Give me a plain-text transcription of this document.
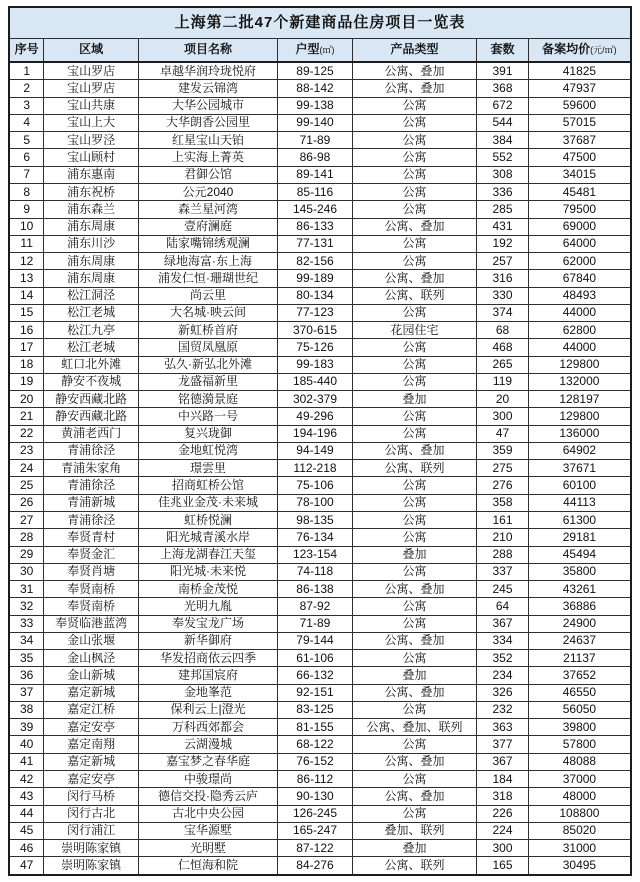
上海第二批47个新建商品住房项目一览表						
序号	区域	项目名称	户型(㎡)	产品类型	套数	备案均价(元/㎡)
1	宝山罗店	卓越华润玲珑悦府	89-125	公寓、叠加	391	41825
2	宝山罗店	建发云锦湾	88-142	公寓、叠加	368	47937
3	宝山共康	大华公园城市	99-138	公寓	672	59600
4	宝山上大	大华朗香公园里	99-140	公寓	544	57015
5	宝山罗泾	红星宝山天铂	71-89	公寓	384	37687
6	宝山顾村	上实海上菁英	86-98	公寓	552	47500
7	浦东惠南	君御公馆	89-141	公寓	308	34015
8	浦东祝桥	公元2040	85-116	公寓	336	45481
9	浦东森兰	森兰星河湾	145-246	公寓	285	79500
10	浦东周康	壹府澜庭	86-133	公寓、叠加	431	69000
11	浦东川沙	陆家嘴锦绣观澜	77-131	公寓	192	64000
12	浦东周康	绿地海富·东上海	82-156	公寓	257	62000
13	浦东周康	浦发仁恒·珊瑚世纪	99-189	公寓、叠加	316	67840
14	松江洞泾	尚云里	80-134	公寓、联列	330	48493
15	松江老城	大名城·映云间	77-123	公寓	374	44000
16	松江九亭	新虹桥首府	370-615	花园住宅	68	62800
17	松江老城	国贸凤凰原	75-126	公寓	468	44000
18	虹口北外滩	弘久·新弘北外滩	99-183	公寓	265	129800
19	静安不夜城	龙盛福新里	185-440	公寓	119	132000
20	静安西藏北路	铭德漪景庭	302-379	叠加	20	128197
21	静安西藏北路	中兴路一号	49-296	公寓	300	129800
22	黄浦老西门	复兴珑御	194-196	公寓	47	136000
23	青浦徐泾	金地虹悦湾	94-149	公寓、叠加	359	64902
24	青浦朱家角	璟雲里	112-218	公寓、联列	275	37671
25	青浦徐泾	招商虹桥公馆	75-106	公寓	276	60100
26	青浦新城	佳兆业金茂·未来城	78-100	公寓	358	44113
27	青浦徐泾	虹桥悦澜	98-135	公寓	161	61300
28	奉贤青村	阳光城青溪水岸	76-134	公寓	210	29181
29	奉贤金汇	上海龙湖春江天玺	123-154	叠加	288	45494
30	奉贤肖塘	阳光城·未来悦	74-118	公寓	337	35800
31	奉贤南桥	南桥金茂悦	86-138	公寓、叠加	245	43261
32	奉贤南桥	光明九胤	87-92	公寓	64	36886
33	奉贤临港蓝湾	奉发宝龙广场	71-89	公寓	367	24900
34	金山张堰	新华御府	79-144	公寓、叠加	334	24637
35	金山枫泾	华发招商依云四季	61-106	公寓	352	21137
36	金山新城	建邦国宸府	66-132	叠加	234	37652
37	嘉定新城	金地峯范	92-151	公寓、叠加	326	46550
38	嘉定江桥	保利云上|澄光	83-125	公寓	232	56050
39	嘉定安亭	万科西郊都会	81-155	公寓、叠加、联列	363	39800
40	嘉定南翔	云湖漫城	68-122	公寓	377	57800
41	嘉定新城	嘉宝梦之春华庭	76-152	公寓、叠加	367	48088
42	嘉定安亭	中骏璟尚	86-112	公寓	184	37000
43	闵行马桥	德信交投·隐秀云庐	90-130	公寓、叠加	318	48000
44	闵行古北	古北中央公园	126-245	公寓	226	108800
45	闵行浦江	宝华源墅	165-247	叠加、联列	224	85020
46	崇明陈家镇	光明墅	87-122	叠加	300	31000
47	崇明陈家镇	仁恒海和院	84-276	公寓、联列	165	30495
